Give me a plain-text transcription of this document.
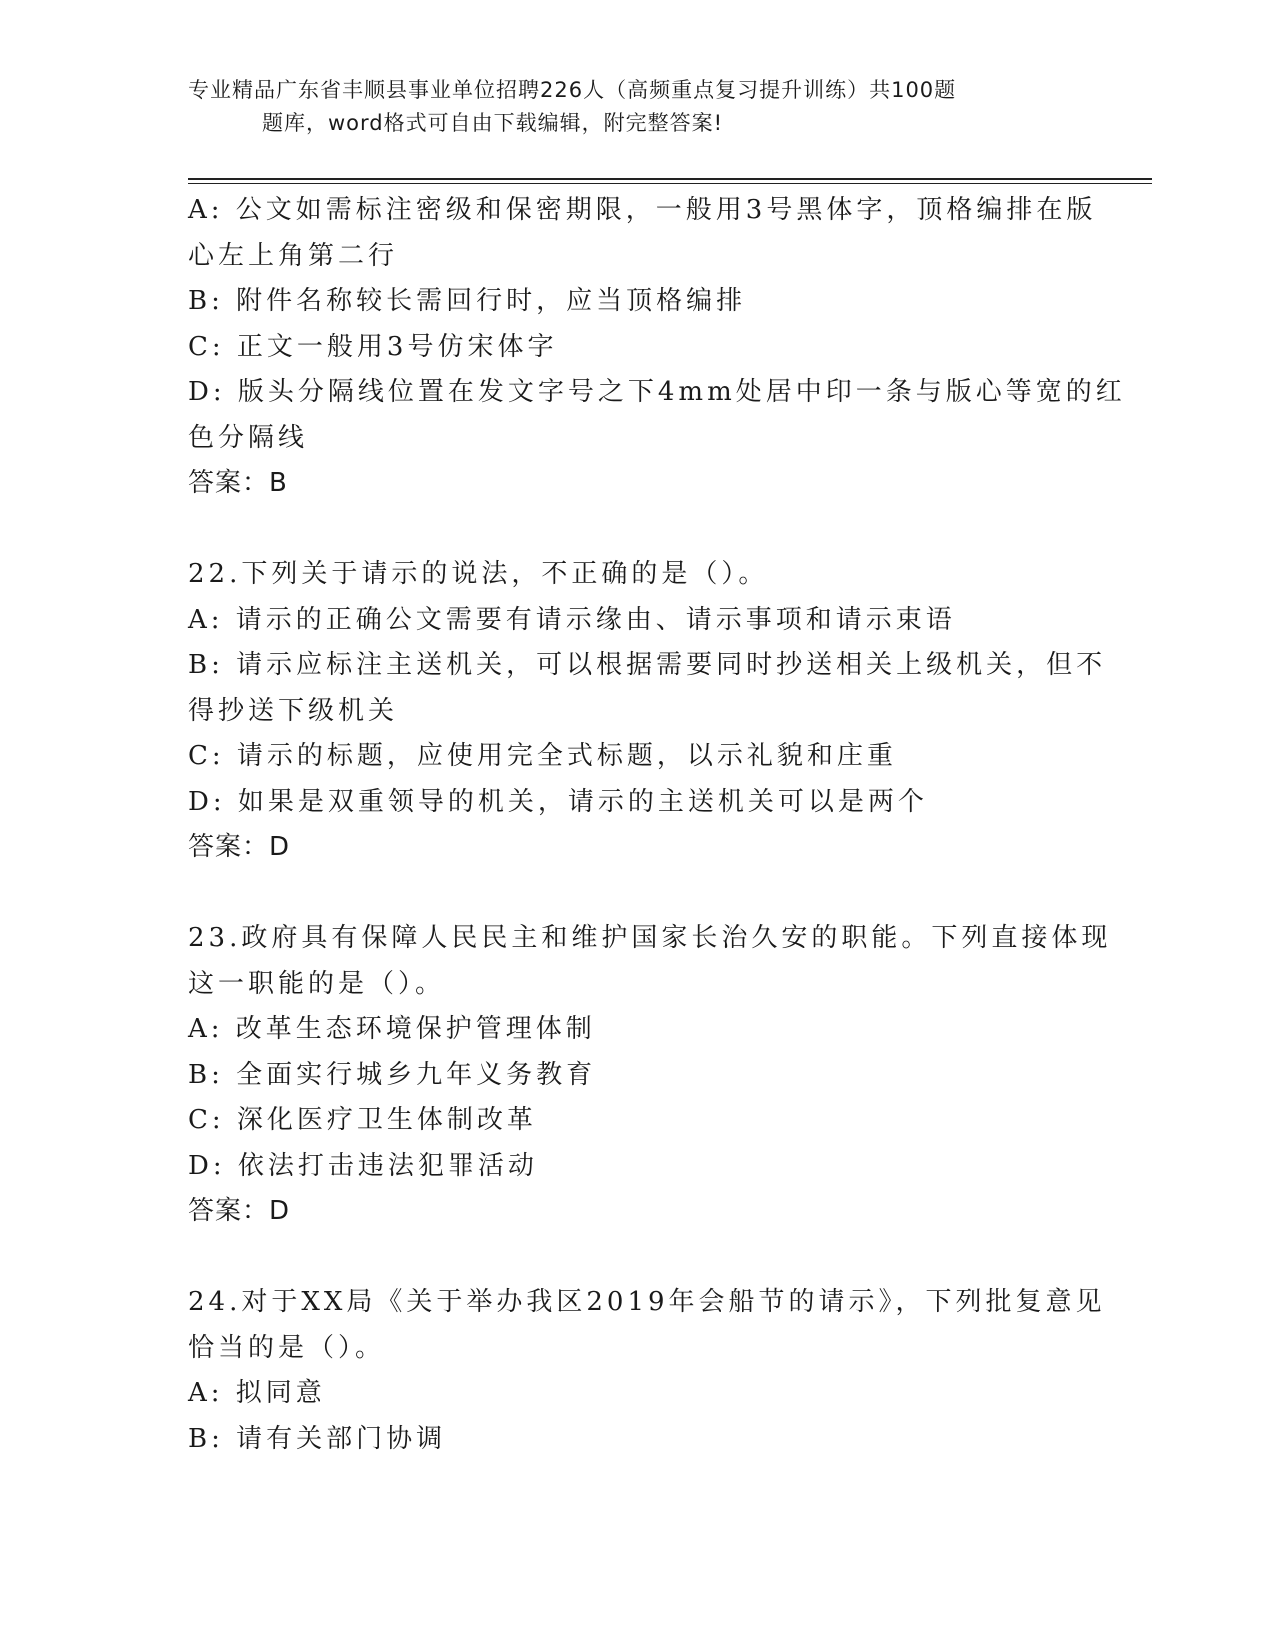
专业精品广东省丰顺县事业单位招聘226人（高频重点复习提升训练）共100题
题库，word格式可自由下载编辑，附完整答案!
A: 公文如需标注密级和保密期限，一般用3号黑体字，顶格编排在版
心左上角第二行
B: 附件名称较长需回行时，应当顶格编排
C: 正文一般用3号仿宋体字
D: 版头分隔线位置在发文字号之下4mm处居中印一条与版心等宽的红
色分隔线
答案：B
22.下列关于请示的说法，不正确的是（）。
A: 请示的正确公文需要有请示缘由、请示事项和请示束语
B: 请示应标注主送机关，可以根据需要同时抄送相关上级机关，但不
得抄送下级机关
C: 请示的标题，应使用完全式标题，以示礼貌和庄重
D: 如果是双重领导的机关，请示的主送机关可以是两个
答案：D
23.政府具有保障人民民主和维护国家长治久安的职能。下列直接体现
这一职能的是（）。
A: 改革生态环境保护管理体制
B: 全面实行城乡九年义务教育
C: 深化医疗卫生体制改革
D: 依法打击违法犯罪活动
答案：D
24.对于XX局《关于举办我区2019年会船节的请示》，下列批复意见
恰当的是（）。
A: 拟同意
B: 请有关部门协调
